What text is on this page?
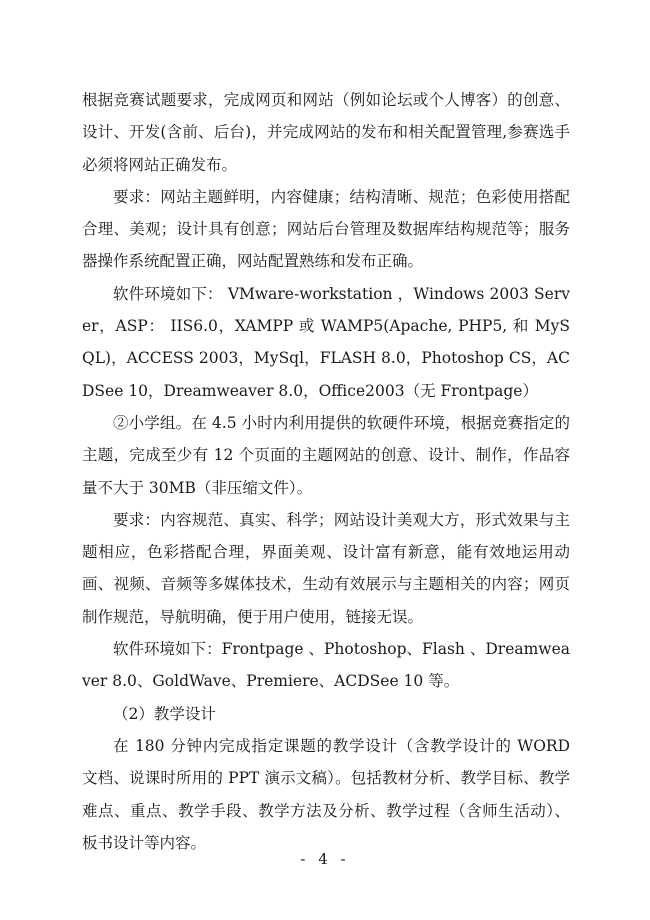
根据竞赛试题要求，完成网页和网站（例如论坛或个人博客）的创意、设计、开发(含前、后台)，并完成网站的发布和相关配置管理,参赛选手必须将网站正确发布。

要求：网站主题鲜明，内容健康；结构清晰、规范；色彩使用搭配合理、美观；设计具有创意；网站后台管理及数据库结构规范等；服务器操作系统配置正确，网站配置熟练和发布正确。

软件环境如下： VMware-workstation ，Windows 2003 Server，ASP： IIS6.0，XAMPP 或 WAMP5(Apache, PHP5, 和 MySQL)，ACCESS 2003，MySql，FLASH 8.0，Photoshop CS，ACDSee 10，Dreamweaver 8.0，Office2003（无 Frontpage）

②小学组。在 4.5 小时内利用提供的软硬件环境，根据竞赛指定的主题，完成至少有 12 个页面的主题网站的创意、设计、制作，作品容量不大于 30MB（非压缩文件）。

要求：内容规范、真实、科学；网站设计美观大方，形式效果与主题相应，色彩搭配合理，界面美观、设计富有新意，能有效地运用动画、视频、音频等多媒体技术，生动有效展示与主题相关的内容；网页制作规范，导航明确，便于用户使用，链接无误。

软件环境如下：Frontpage 、Photoshop、Flash 、Dreamweaver 8.0、GoldWave、Premiere、ACDSee 10 等。

（2）教学设计

在 180 分钟内完成指定课题的教学设计（含教学设计的 WORD 文档、说课时所用的 PPT 演示文稿）。包括教材分析、教学目标、教学难点、重点、教学手段、教学方法及分析、教学过程（含师生活动）、板书设计等内容。

- 4 -
